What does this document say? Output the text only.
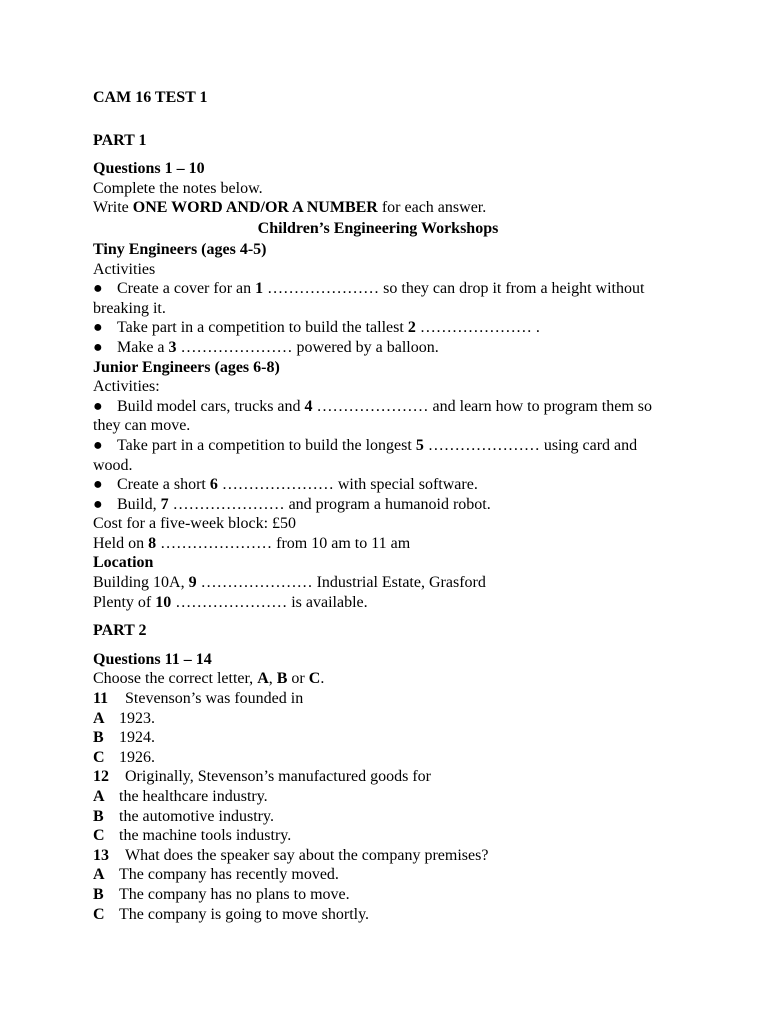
CAM 16 TEST 1
PART 1
Questions 1 – 10
Complete the notes below.
Write ONE WORD AND/OR A NUMBER for each answer.
Children’s Engineering Workshops
Tiny Engineers (ages 4-5)
Activities
● Create a cover for an 1 ………………… so they can drop it from a height without breaking it.
● Take part in a competition to build the tallest 2 ………………… .
● Make a 3 ………………… powered by a balloon.
Junior Engineers (ages 6-8)
Activities:
● Build model cars, trucks and 4 ………………… and learn how to program them so they can move.
● Take part in a competition to build the longest 5 ………………… using card and wood.
● Create a short 6 ………………… with special software.
● Build, 7 ………………… and program a humanoid robot.
Cost for a five-week block: £50
Held on 8 ………………… from 10 am to 11 am
Location
Building 10A, 9 ………………… Industrial Estate, Grasford
Plenty of 10 ………………… is available.
PART 2
Questions 11 – 14
Choose the correct letter, A, B or C.
11 Stevenson’s was founded in
A 1923.
B 1924.
C 1926.
12 Originally, Stevenson’s manufactured goods for
A the healthcare industry.
B the automotive industry.
C the machine tools industry.
13 What does the speaker say about the company premises?
A The company has recently moved.
B The company has no plans to move.
C The company is going to move shortly.
